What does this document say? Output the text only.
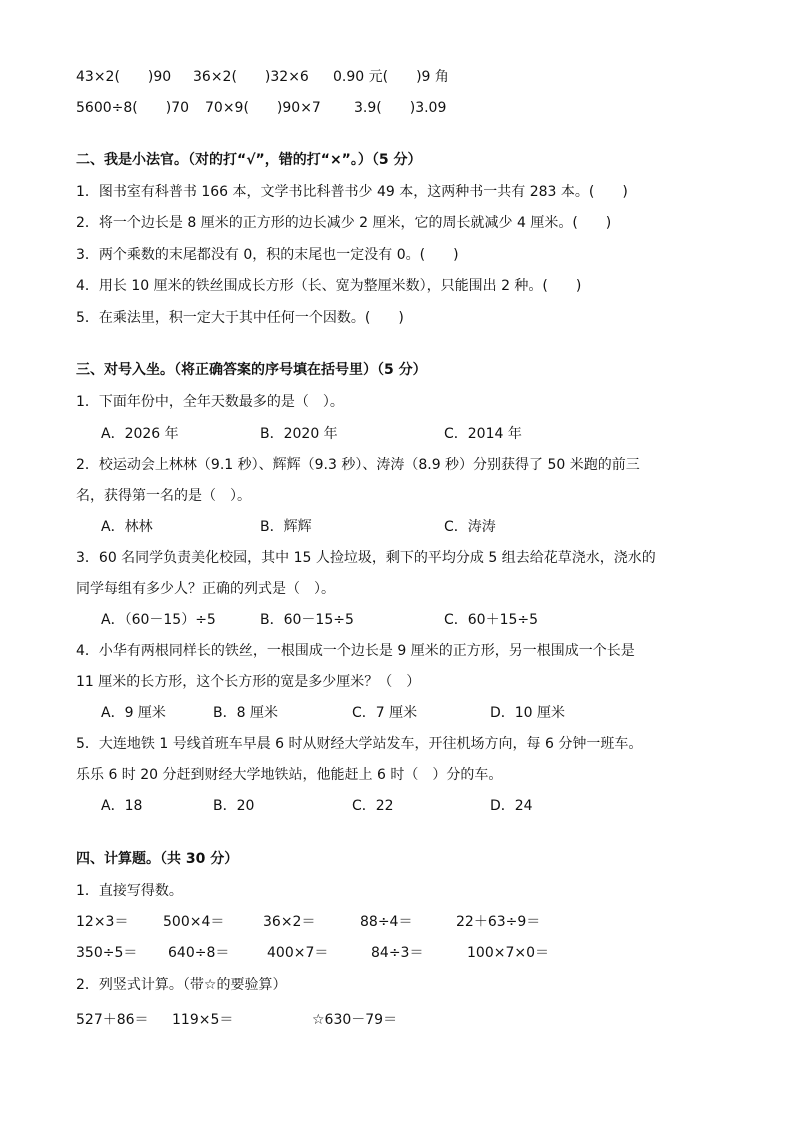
43×2(　　)90 36×2(　　)32×6 0.90 元(　　)9 角
5600÷8(　　)70 70×9(　　)90×7 3.9(　　)3.09
二、我是小法官。（对的打“√”，错的打“×”。）（5 分）
1．图书室有科普书 166 本，文学书比科普书少 49 本，这两种书一共有 283 本。(　　)
2．将一个边长是 8 厘米的正方形的边长减少 2 厘米，它的周长就减少 4 厘米。(　　)
3．两个乘数的末尾都没有 0，积的末尾也一定没有 0。(　　)
4．用长 10 厘米的铁丝围成长方形（长、宽为整厘米数），只能围出 2 种。(　　)
5．在乘法里，积一定大于其中任何一个因数。(　　)
三、对号入坐。（将正确答案的序号填在括号里）（5 分）
1．下面年份中，全年天数最多的是（　）。
A．2026 年	B．2020 年	C．2014 年
2．校运动会上林林（9.1 秒）、辉辉（9.3 秒）、涛涛（8.9 秒）分别获得了 50 米跑的前三
名，获得第一名的是（　）。
A．林林	B．辉辉	C．涛涛
3．60 名同学负责美化校园，其中 15 人捡垃圾，剩下的平均分成 5 组去给花草浇水，浇水的
同学每组有多少人？正确的列式是（　）。
A．（60－15）÷5	B．60－15÷5	C．60＋15÷5
4．小华有两根同样长的铁丝，一根围成一个边长是 9 厘米的正方形，另一根围成一个长是
11 厘米的长方形，这个长方形的宽是多少厘米？（　）
A．9 厘米	B．8 厘米	C．7 厘米	D．10 厘米
5．大连地铁 1 号线首班车早晨 6 时从财经大学站发车，开往机场方向，每 6 分钟一班车。
乐乐 6 时 20 分赶到财经大学地铁站，他能赶上 6 时（　）分的车。
A．18	B．20	C．22	D．24
四、计算题。（共 30 分）
1．直接写得数。
12×3＝ 500×4＝	36×2＝	88÷4＝	22＋63÷9＝
350÷5＝ 640÷8＝	400×7＝	84÷3＝	100×7×0＝
2．列竖式计算。（带☆的要验算）
527＋86＝ 119×5＝	☆630－79＝
